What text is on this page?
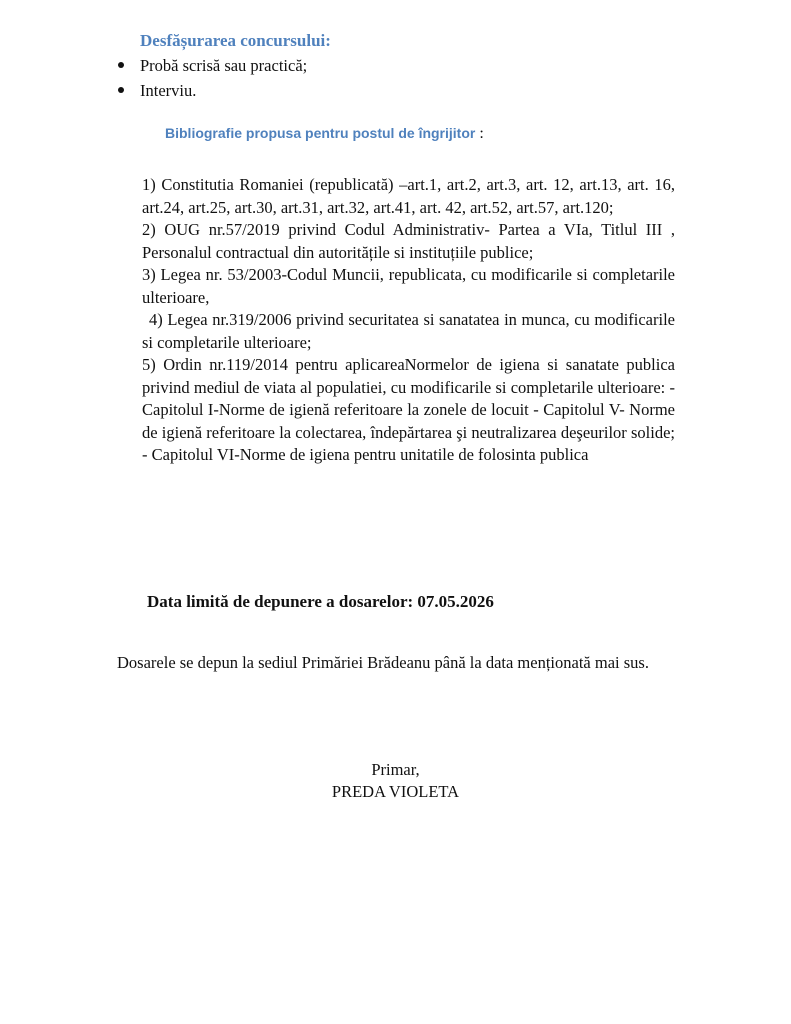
Desfășurarea concursului:
Probă scrisă sau practică;
Interviu.
Bibliografie propusa pentru postul de îngrijitor :

1) Constitutia Romaniei (republicată) –art.1, art.2, art.3, art. 12, art.13, art. 16, art.24, art.25, art.30, art.31, art.32, art.41, art. 42, art.52, art.57, art.120;

2) OUG nr.57/2019 privind Codul Administrativ- Partea a VIa, Titlul III , Personalul contractual din autoritățile si instituțiile publice;

3) Legea nr. 53/2003-Codul Muncii, republicata, cu modificarile si completarile ulterioare,

4) Legea nr.319/2006 privind securitatea si sanatatea in munca, cu modificarile si completarile ulterioare;

5) Ordin nr.119/2014 pentru aplicareaNormelor de igiena si sanatate publica privind mediul de viata al populatiei, cu modificarile si completarile ulterioare: - Capitolul I-Norme de igienă referitoare la zonele de locuit - Capitolul V- Norme de igienă referitoare la colectarea, îndepărtarea şi neutralizarea deşeurilor solide; - Capitolul VI-Norme de igiena pentru unitatile de folosinta publica

Data limită de depunere a dosarelor: 07.05.2026

Dosarele se depun la sediul Primăriei Brădeanu până la data menționată mai sus.

Primar,
PREDA VIOLETA
